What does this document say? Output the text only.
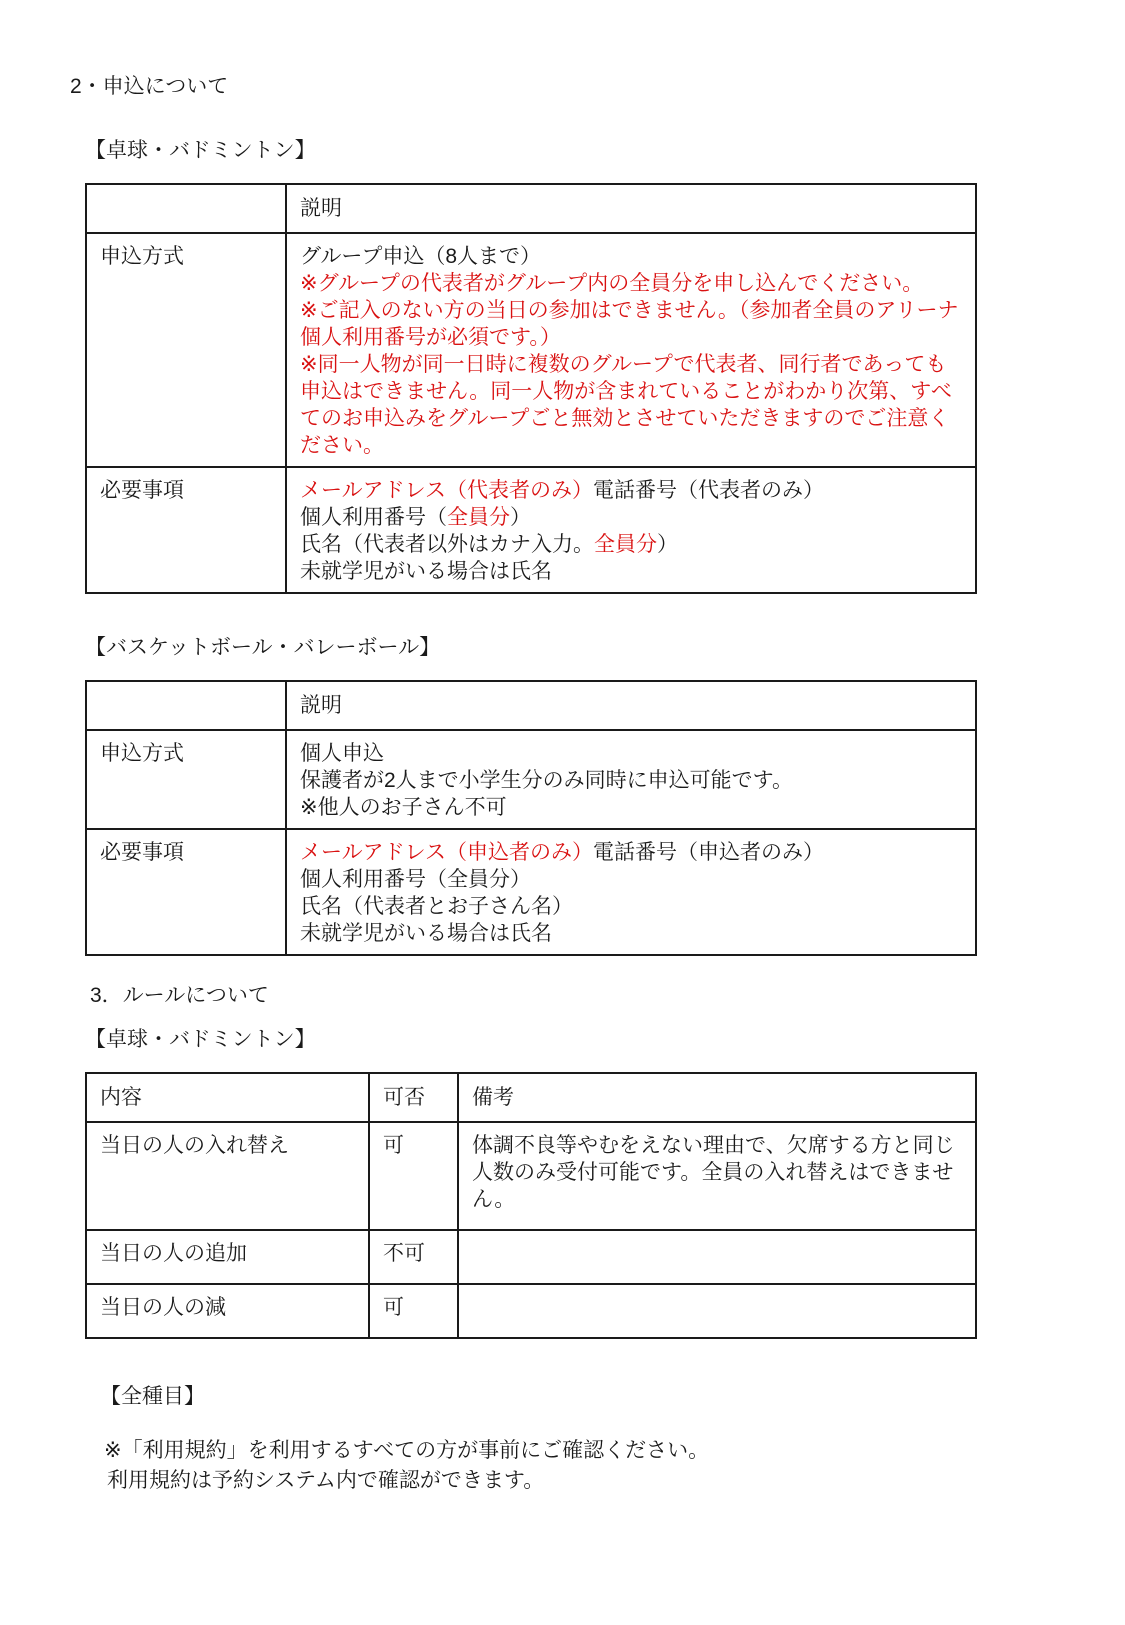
2・申込について
【卓球・バドミントン】
	説明
申込方式	グループ申込（8人まで）
※グループの代表者がグループ内の全員分を申し込んでください。
※ご記入のない方の当日の参加はできません。（参加者全員のアリーナ個人利用番号が必須です。）
※同一人物が同一日時に複数のグループで代表者、同行者であっても申込はできません。同一人物が含まれていることがわかり次第、すべてのお申込みをグループごと無効とさせていただきますのでご注意ください。

必要事項	メールアドレス（代表者のみ）電話番号（代表者のみ）
個人利用番号（全員分）
氏名（代表者以外はカナ入力。全員分）
未就学児がいる場合は氏名
【バスケットボール・バレーボール】
	説明
申込方式	個人申込
保護者が2人まで小学生分のみ同時に申込可能です。
※他人のお子さん不可

必要事項	メールアドレス（申込者のみ）電話番号（申込者のみ）
個人利用番号（全員分）
氏名（代表者とお子さん名）
未就学児がいる場合は氏名
3．ルールについて
【卓球・バドミントン】
内容	可否	備考
当日の人の入れ替え	可	体調不良等やむをえない理由で、欠席する方と同じ人数のみ受付可能です。全員の入れ替えはできません。
当日の人の追加	不可	
当日の人の減	可	
【全種目】
※「利用規約」を利用するすべての方が事前にご確認ください。
利用規約は予約システム内で確認ができます。
